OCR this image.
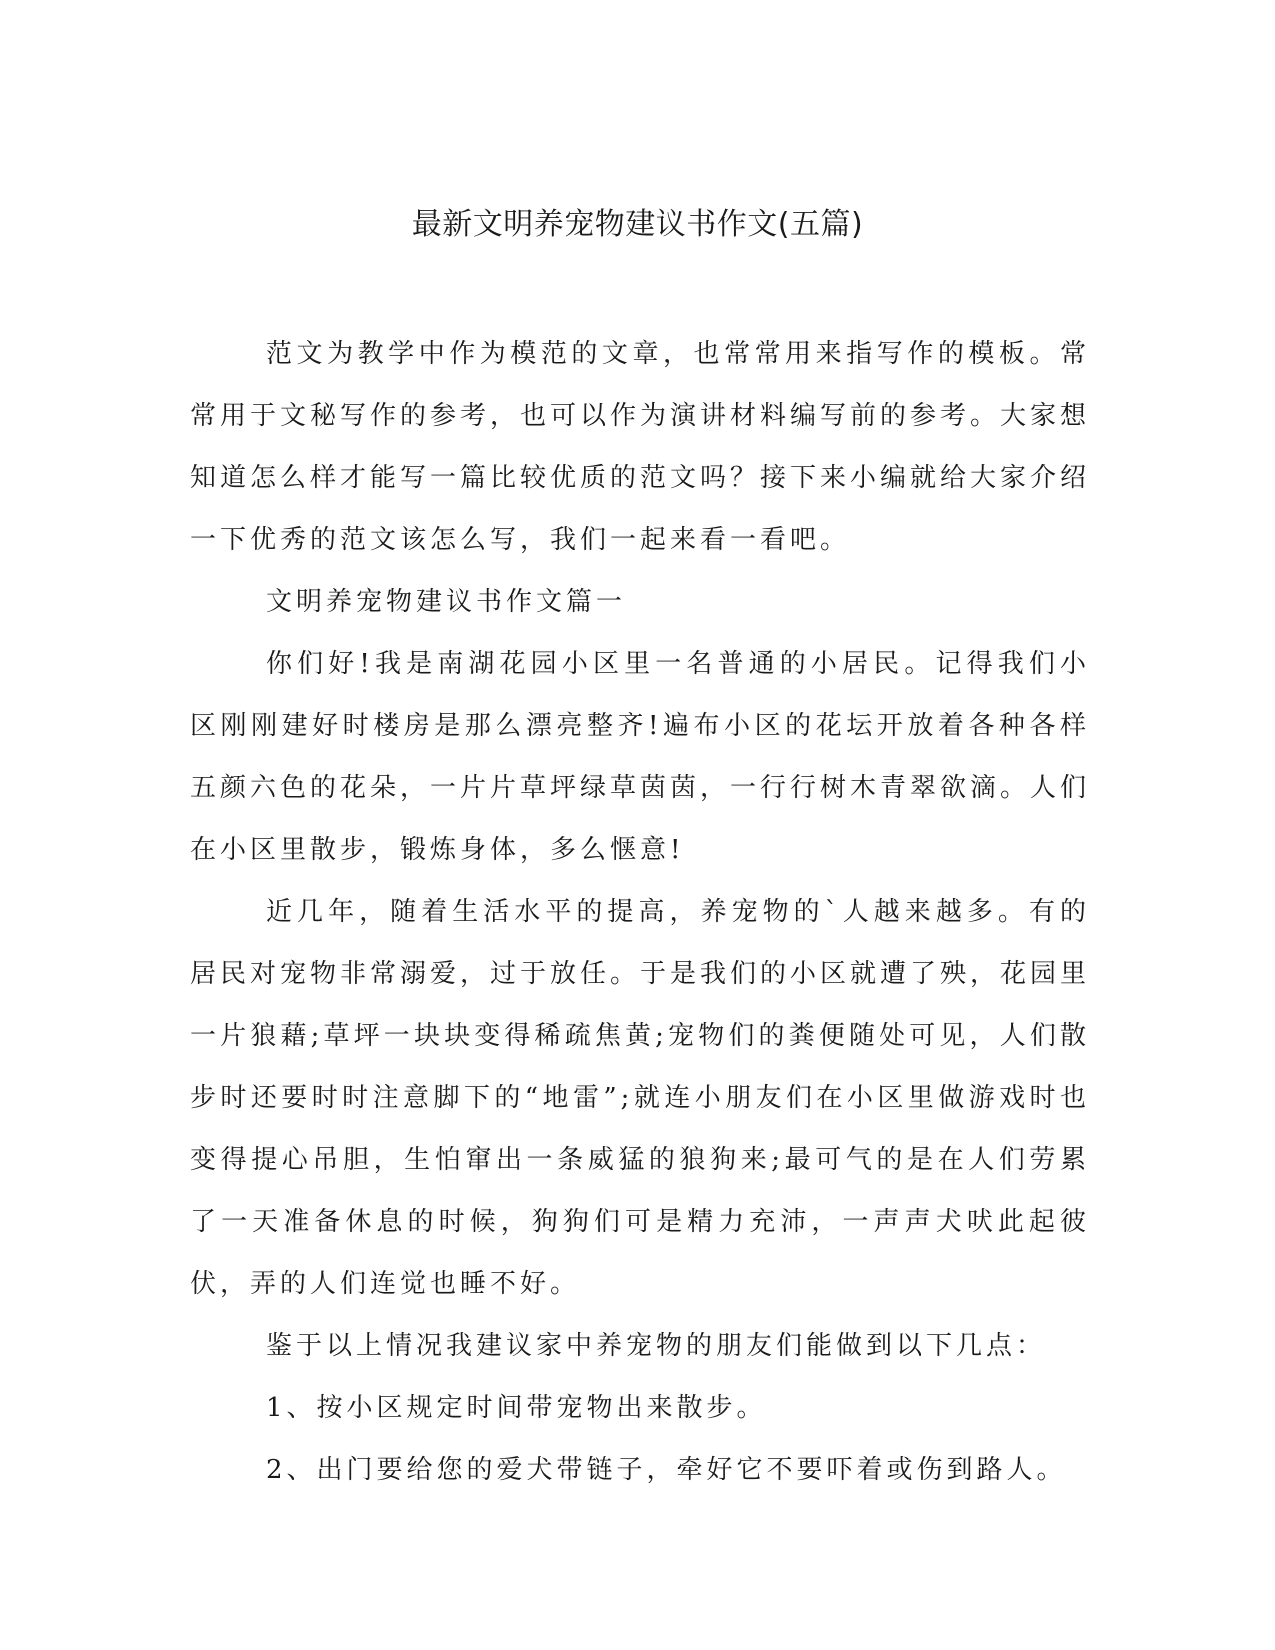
最新文明养宠物建议书作文(五篇)

范文为教学中作为模范的文章，也常常用来指写作的模板。常常用于文秘写作的参考，也可以作为演讲材料编写前的参考。大家想知道怎么样才能写一篇比较优质的范文吗？接下来小编就给大家介绍一下优秀的范文该怎么写，我们一起来看一看吧。

文明养宠物建议书作文篇一

你们好!我是南湖花园小区里一名普通的小居民。记得我们小区刚刚建好时楼房是那么漂亮整齐!遍布小区的花坛开放着各种各样五颜六色的花朵，一片片草坪绿草茵茵，一行行树木青翠欲滴。人们在小区里散步，锻炼身体，多么惬意!

近几年，随着生活水平的提高，养宠物的`人越来越多。有的居民对宠物非常溺爱，过于放任。于是我们的小区就遭了殃，花园里一片狼藉;草坪一块块变得稀疏焦黄;宠物们的粪便随处可见，人们散步时还要时时注意脚下的“地雷”;就连小朋友们在小区里做游戏时也变得提心吊胆，生怕窜出一条威猛的狼狗来;最可气的是在人们劳累了一天准备休息的时候，狗狗们可是精力充沛，一声声犬吠此起彼伏，弄的人们连觉也睡不好。

鉴于以上情况我建议家中养宠物的朋友们能做到以下几点：

1、按小区规定时间带宠物出来散步。

2、出门要给您的爱犬带链子，牵好它不要吓着或伤到路人。
